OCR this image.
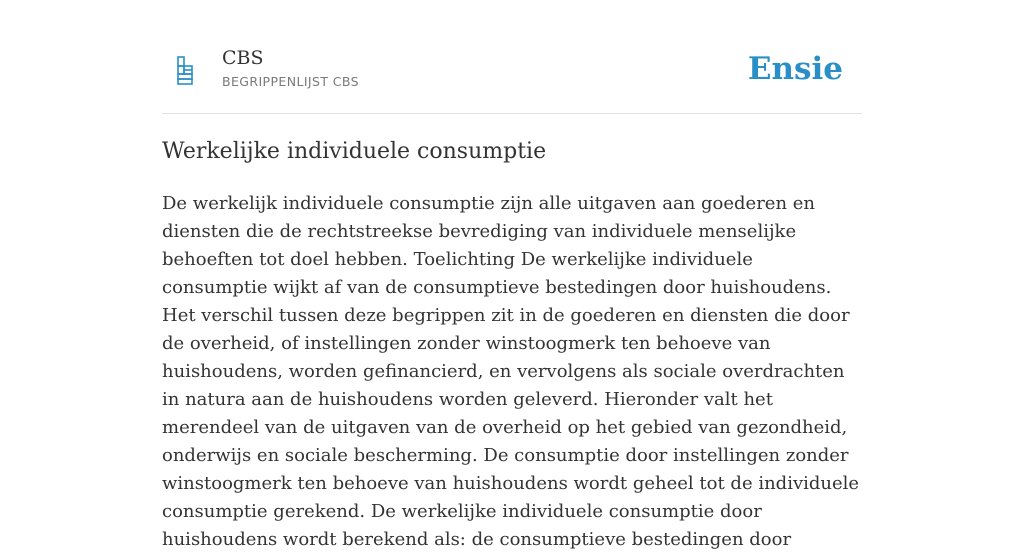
CBS
BEGRIPPENLIJST CBS	Ensie
Werkelijke individuele consumptie

De werkelijk individuele consumptie zijn alle uitgaven aan goederen en diensten die de rechtstreekse bevrediging van individuele menselijke behoeften tot doel hebben. Toelichting De werkelijke individuele consumptie wijkt af van de consumptieve bestedingen door huishoudens. Het verschil tussen deze begrippen zit in de goederen en diensten die door de overheid, of instellingen zonder winstoogmerk ten behoeve van huishoudens, worden gefinancierd, en vervolgens als sociale overdrachten in natura aan de huishoudens worden geleverd. Hieronder valt het merendeel van de uitgaven van de overheid op het gebied van gezondheid, onderwijs en sociale bescherming. De consumptie door instellingen zonder winstoogmerk ten behoeve van huishoudens wordt geheel tot de individuele consumptie gerekend. De werkelijke individuele consumptie door huishoudens wordt berekend als: de consumptieve bestedingen door
